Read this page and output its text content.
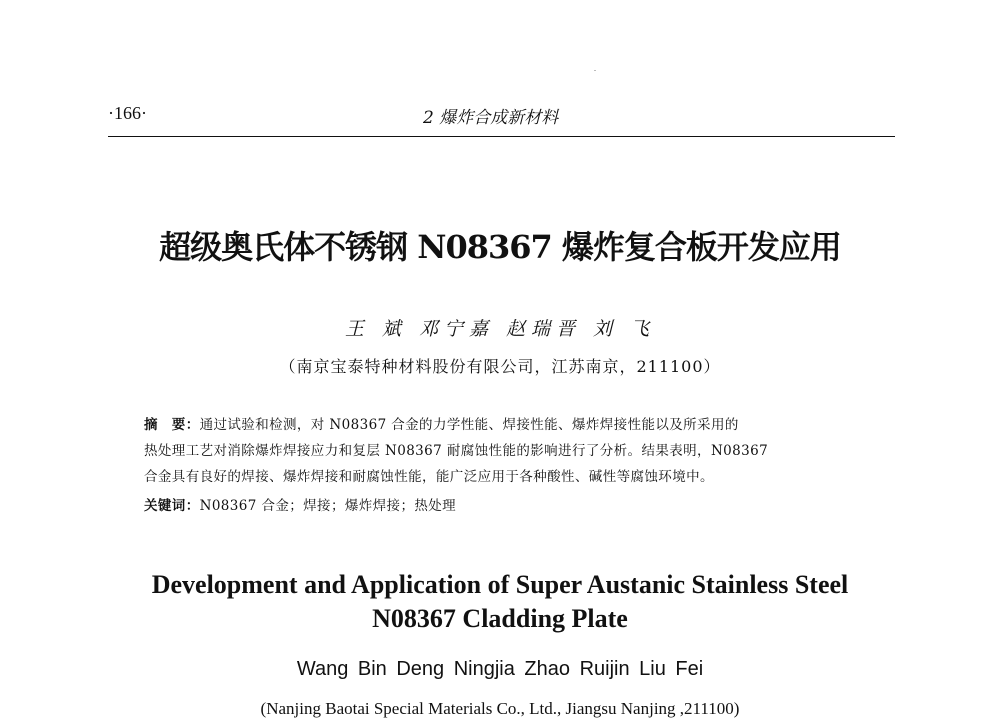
·166·	2 爆炸合成新材料
超级奥氏体不锈钢 N08367 爆炸复合板开发应用
王 斌 邓宁嘉 赵瑞晋 刘 飞
（南京宝泰特种材料股份有限公司，江苏南京，211100）
摘　要：通过试验和检测，对 N08367 合金的力学性能、焊接性能、爆炸焊接性能以及所采用的
热处理工艺对消除爆炸焊接应力和复层 N08367 耐腐蚀性能的影响进行了分析。结果表明，N08367
合金具有良好的焊接、爆炸焊接和耐腐蚀性能，能广泛应用于各种酸性、碱性等腐蚀环境中。
关键词：N08367 合金；焊接；爆炸焊接；热处理
Development and Application of Super Austanic Stainless Steel
N08367 Cladding Plate
Wang Bin Deng Ningjia Zhao Ruijin Liu Fei
(Nanjing Baotai Special Materials Co., Ltd., Jiangsu Nanjing ,211100)
